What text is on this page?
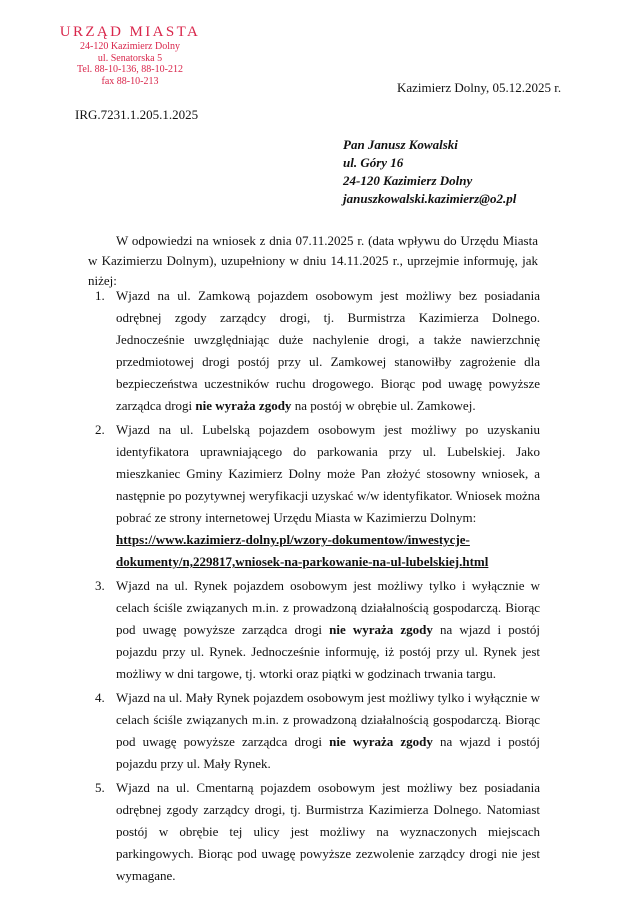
URZĄD MIASTA
24-120 Kazimierz Dolny
ul. Senatorska 5
Tel. 88-10-136, 88-10-212
fax 88-10-213	Kazimierz Dolny, 05.12.2025 r.
IRG.7231.1.205.1.2025
Pan Janusz Kowalski
ul. Góry 16
24-120 Kazimierz Dolny
januszkowalski.kazimierz@o2.pl
W odpowiedzi na wniosek z dnia 07.11.2025 r. (data wpływu do Urzędu Miasta w Kazimierzu Dolnym), uzupełniony w dniu 14.11.2025 r., uprzejmie informuję, jak niżej:
1. Wjazd na ul. Zamkową pojazdem osobowym jest możliwy bez posiadania odrębnej zgody zarządcy drogi, tj. Burmistrza Kazimierza Dolnego. Jednocześnie uwzględniając duże nachylenie drogi, a także nawierzchnię przedmiotowej drogi postój przy ul. Zamkowej stanowiłby zagrożenie dla bezpieczeństwa uczestników ruchu drogowego. Biorąc pod uwagę powyższe zarządca drogi nie wyraża zgody na postój w obrębie ul. Zamkowej.
2. Wjazd na ul. Lubelską pojazdem osobowym jest możliwy po uzyskaniu identyfikatora uprawniającego do parkowania przy ul. Lubelskiej. Jako mieszkaniec Gminy Kazimierz Dolny może Pan złożyć stosowny wniosek, a następnie po pozytywnej weryfikacji uzyskać w/w identyfikator. Wniosek można pobrać ze strony internetowej Urzędu Miasta w Kazimierzu Dolnym:
https://www.kazimierz-dolny.pl/wzory-dokumentow/inwestycje-
dokumenty/n,229817,wniosek-na-parkowanie-na-ul-lubelskiej.html
3. Wjazd na ul. Rynek pojazdem osobowym jest możliwy tylko i wyłącznie w celach ściśle związanych m.in. z prowadzoną działalnością gospodarczą. Biorąc pod uwagę powyższe zarządca drogi nie wyraża zgody na wjazd i postój pojazdu przy ul. Rynek. Jednocześnie informuję, iż postój przy ul. Rynek jest możliwy w dni targowe, tj. wtorki oraz piątki w godzinach trwania targu.
4. Wjazd na ul. Mały Rynek pojazdem osobowym jest możliwy tylko i wyłącznie w celach ściśle związanych m.in. z prowadzoną działalnością gospodarczą. Biorąc pod uwagę powyższe zarządca drogi nie wyraża zgody na wjazd i postój pojazdu przy ul. Mały Rynek.
5. Wjazd na ul. Cmentarną pojazdem osobowym jest możliwy bez posiadania odrębnej zgody zarządcy drogi, tj. Burmistrza Kazimierza Dolnego. Natomiast postój w obrębie tej ulicy jest możliwy na wyznaczonych miejscach parkingowych. Biorąc pod uwagę powyższe zezwolenie zarządcy drogi nie jest wymagane.
